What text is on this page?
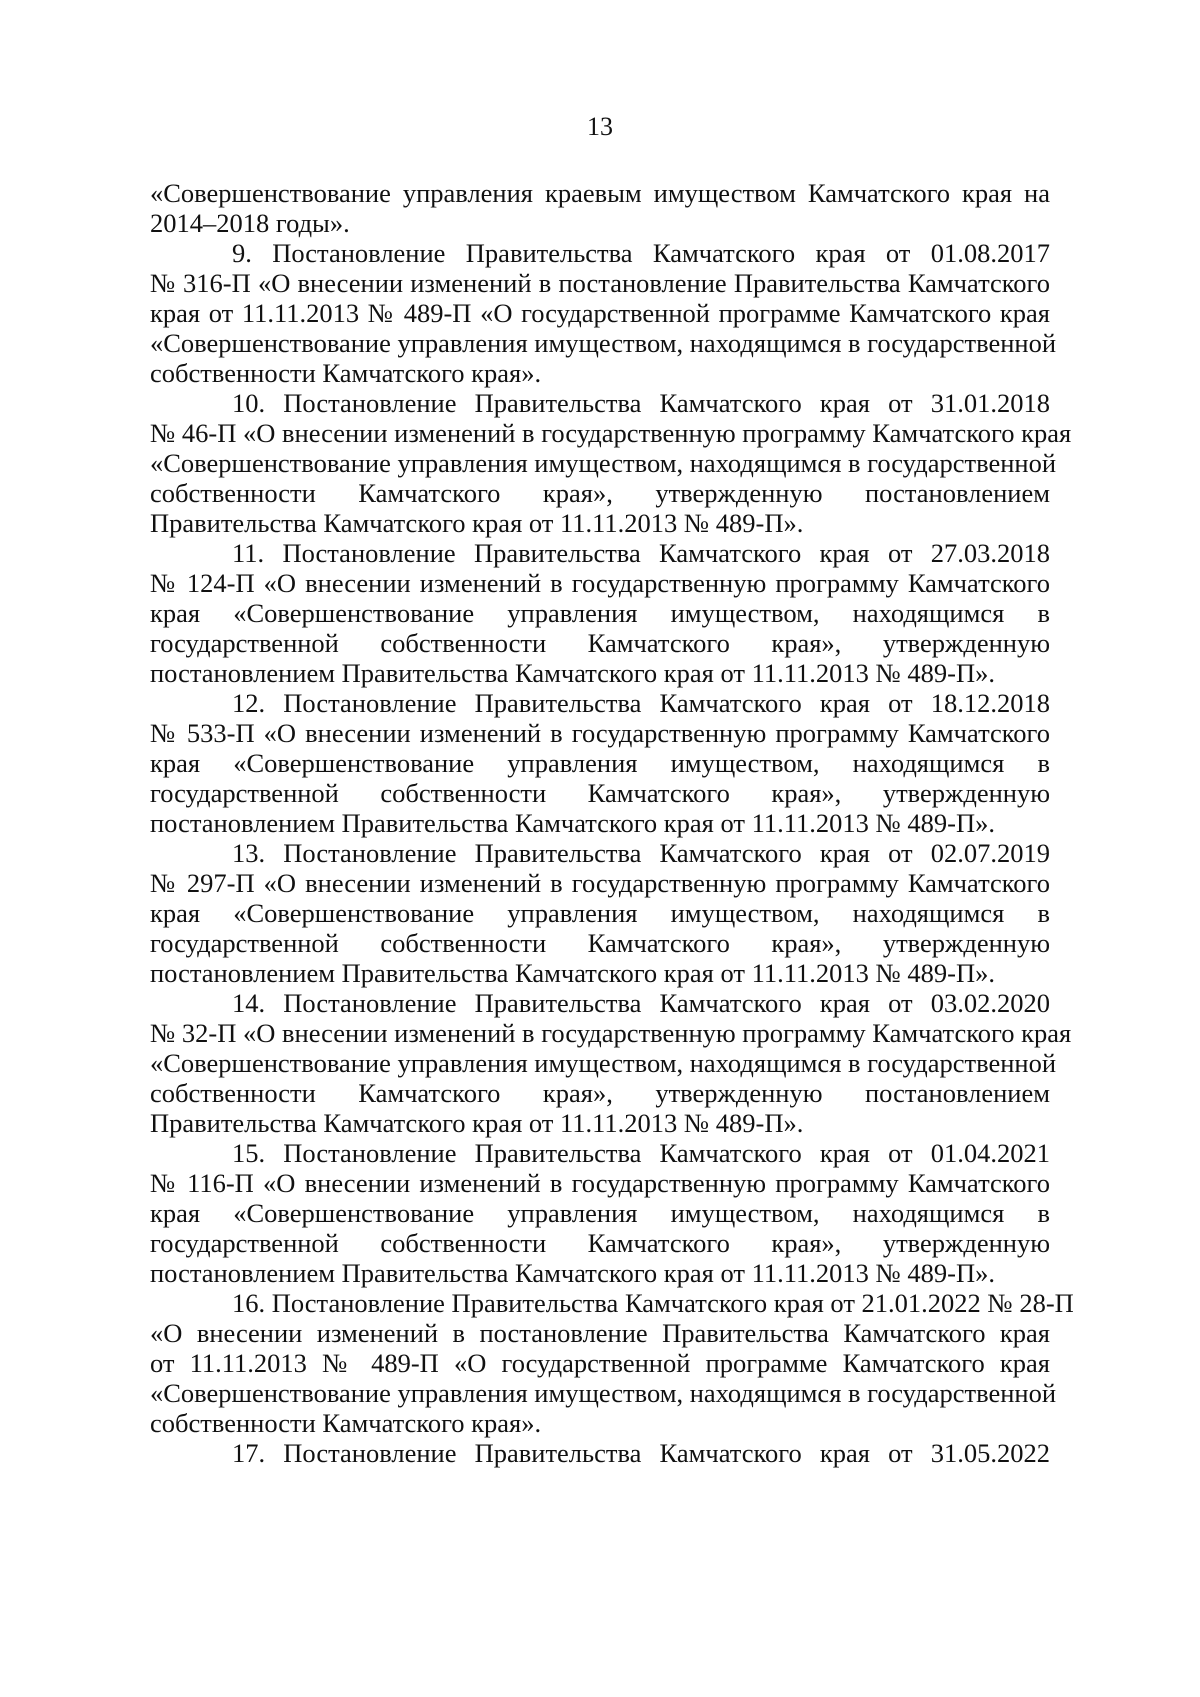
13
«Совершенствование управления краевым имуществом Камчатского края на
2014–2018 годы».
9. Постановление Правительства Камчатского края от 01.08.2017
№ 316-П «О внесении изменений в постановление Правительства Камчатского
края от 11.11.2013 № 489-П «О государственной программе Камчатского края
«Совершенствование управления имуществом, находящимся в государственной
собственности Камчатского края».
10. Постановление Правительства Камчатского края от 31.01.2018
№ 46-П «О внесении изменений в государственную программу Камчатского края
«Совершенствование управления имуществом, находящимся в государственной
собственности Камчатского края», утвержденную постановлением
Правительства Камчатского края от 11.11.2013 № 489-П».
11. Постановление Правительства Камчатского края от 27.03.2018
№ 124-П «О внесении изменений в государственную программу Камчатского
края «Совершенствование управления имуществом, находящимся в
государственной собственности Камчатского края», утвержденную
постановлением Правительства Камчатского края от 11.11.2013 № 489-П».
12. Постановление Правительства Камчатского края от 18.12.2018
№ 533-П «О внесении изменений в государственную программу Камчатского
края «Совершенствование управления имуществом, находящимся в
государственной собственности Камчатского края», утвержденную
постановлением Правительства Камчатского края от 11.11.2013 № 489-П».
13. Постановление Правительства Камчатского края от 02.07.2019
№ 297-П «О внесении изменений в государственную программу Камчатского
края «Совершенствование управления имуществом, находящимся в
государственной собственности Камчатского края», утвержденную
постановлением Правительства Камчатского края от 11.11.2013 № 489-П».
14. Постановление Правительства Камчатского края от 03.02.2020
№ 32-П «О внесении изменений в государственную программу Камчатского края
«Совершенствование управления имуществом, находящимся в государственной
собственности Камчатского края», утвержденную постановлением
Правительства Камчатского края от 11.11.2013 № 489-П».
15. Постановление Правительства Камчатского края от 01.04.2021
№ 116-П «О внесении изменений в государственную программу Камчатского
края «Совершенствование управления имуществом, находящимся в
государственной собственности Камчатского края», утвержденную
постановлением Правительства Камчатского края от 11.11.2013 № 489-П».
16. Постановление Правительства Камчатского края от 21.01.2022 № 28-П
«О внесении изменений в постановление Правительства Камчатского края
от 11.11.2013 № 489-П «О государственной программе Камчатского края
«Совершенствование управления имуществом, находящимся в государственной
собственности Камчатского края».
17. Постановление Правительства Камчатского края от 31.05.2022
